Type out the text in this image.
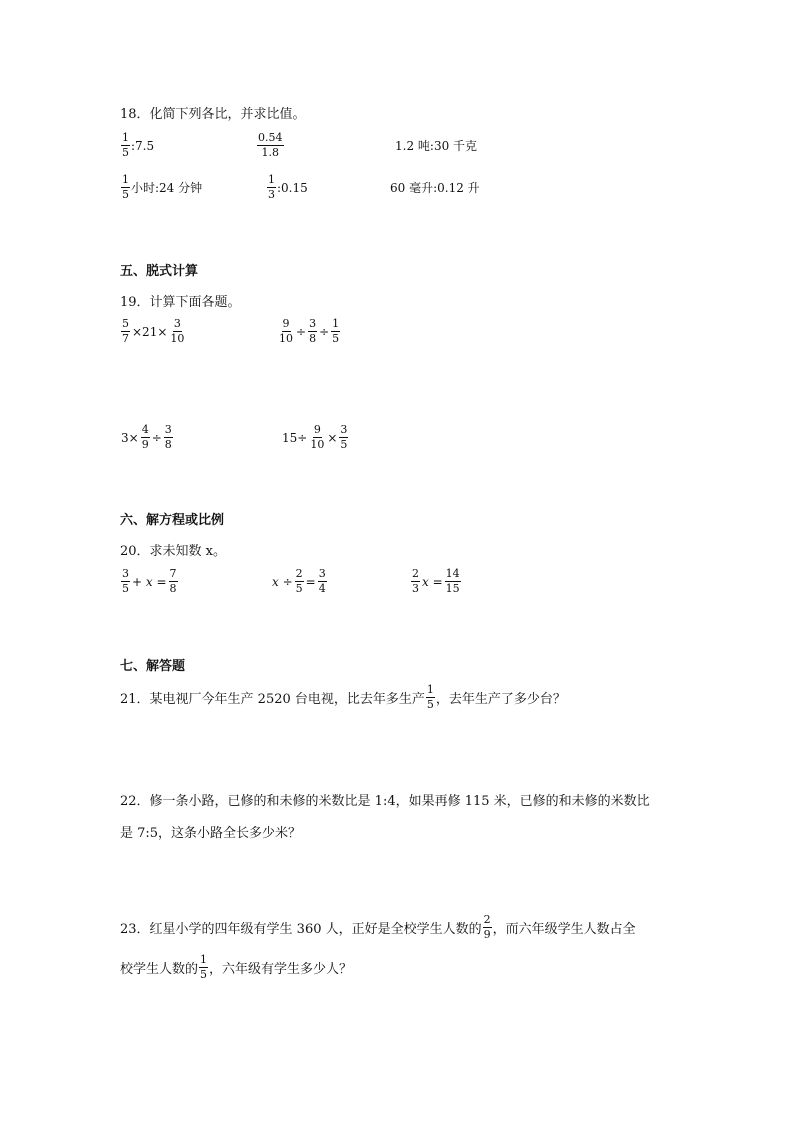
18．化简下列各比，并求比值。
$\frac{1}{5}$ :7.5	$\frac{0.54}{1.8}$	1.2 吨:30 千克
$\frac{1}{5}$ 小时:24 分钟	$\frac{1}{3}$ :0.15	60 毫升:0.12 升
五、脱式计算
19．计算下面各题。
$\frac{5}{7} \times 21\times \frac{3}{10}$	$\frac{9}{10} \div \frac{3}{8} \div \frac{1}{5}$
$3\times \frac{4}{9} \div \frac{3}{8}$	$15\div \frac{9}{10} \times \frac{3}{5}$
六、解方程或比例
20．求未知数 x。
$\frac{3}{5} + x = \frac{7}{8}$	$x \div \frac{2}{5} = \frac{3}{4}$	$\frac{2}{3}$ $x = \frac{14}{15}$
七、解答题
21．某电视厂今年生产 2520 台电视，比去年多生产 $\frac{1}{5}$ ，去年生产了多少台？
22．修一条小路，已修的和未修的米数比是 1:4，如果再修 115 米，已修的和未修的米数比
是 7:5，这条小路全长多少米？
23．红星小学的四年级有学生 360 人，正好是全校学生人数的 $\frac{2}{9}$ ，而六年级学生人数占全
校学生人数的 $\frac{1}{5}$ ，六年级有学生多少人？
